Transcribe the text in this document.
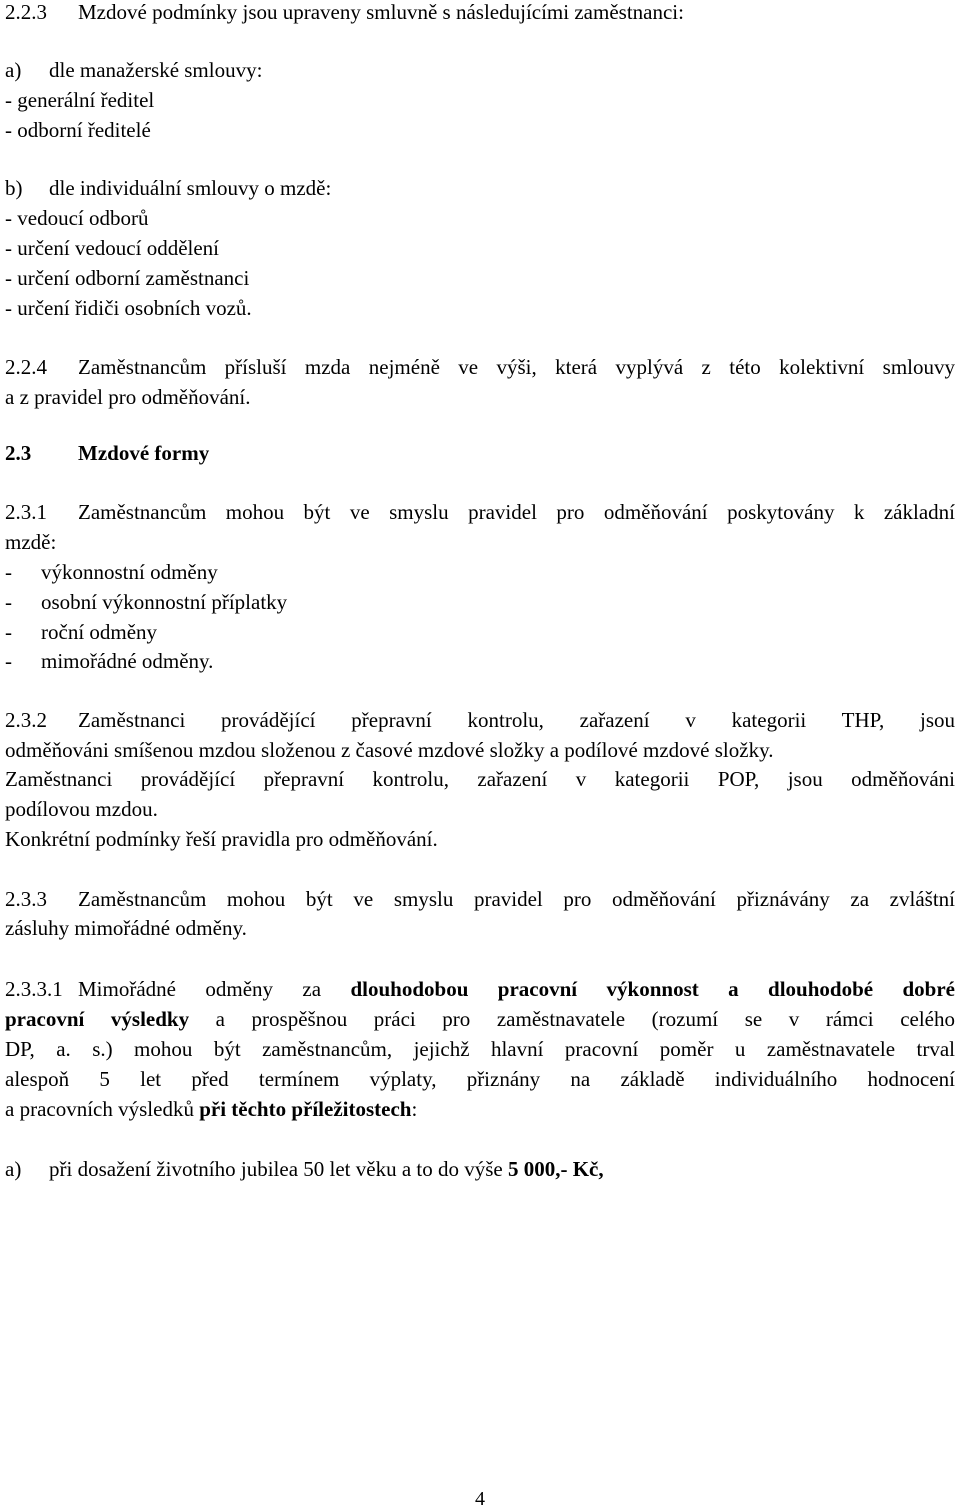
2.2.3 Mzdové podmínky jsou upraveny smluvně s následujícími zaměstnanci:
a) dle manažerské smlouvy:
- generální ředitel
- odborní ředitelé
b) dle individuální smlouvy o mzdě:
- vedoucí odborů
- určení vedoucí oddělení
- určení odborní zaměstnanci
- určení řidiči osobních vozů.
2.2.4 Zaměstnancům přísluší mzda nejméně ve výši, která vyplývá z této kolektivní smlouvy
a z pravidel pro odměňování.
2.3 Mzdové formy
2.3.1 Zaměstnancům mohou být ve smyslu pravidel pro odměňování poskytovány k základní
mzdě:
- výkonnostní odměny
- osobní výkonnostní příplatky
- roční odměny
- mimořádné odměny.
2.3.2 Zaměstnanci provádějící přepravní kontrolu, zařazení v kategorii THP, jsou
odměňováni smíšenou mzdou složenou z časové mzdové složky a podílové mzdové složky.
Zaměstnanci provádějící přepravní kontrolu, zařazení v kategorii POP, jsou odměňováni
podílovou mzdou.
Konkrétní podmínky řeší pravidla pro odměňování.
2.3.3 Zaměstnancům mohou být ve smyslu pravidel pro odměňování přiznávány za zvláštní
zásluhy mimořádné odměny.
2.3.3.1 Mimořádné odměny za dlouhodobou pracovní výkonnost a dlouhodobé dobré
pracovní výsledky a prospěšnou práci pro zaměstnavatele (rozumí se v rámci celého
DP, a. s.) mohou být zaměstnancům, jejichž hlavní pracovní poměr u zaměstnavatele trval
alespoň 5 let před termínem výplaty, přiznány na základě individuálního hodnocení
a pracovních výsledků při těchto příležitostech:
a) při dosažení životního jubilea 50 let věku a to do výše 5 000,- Kč,
4
